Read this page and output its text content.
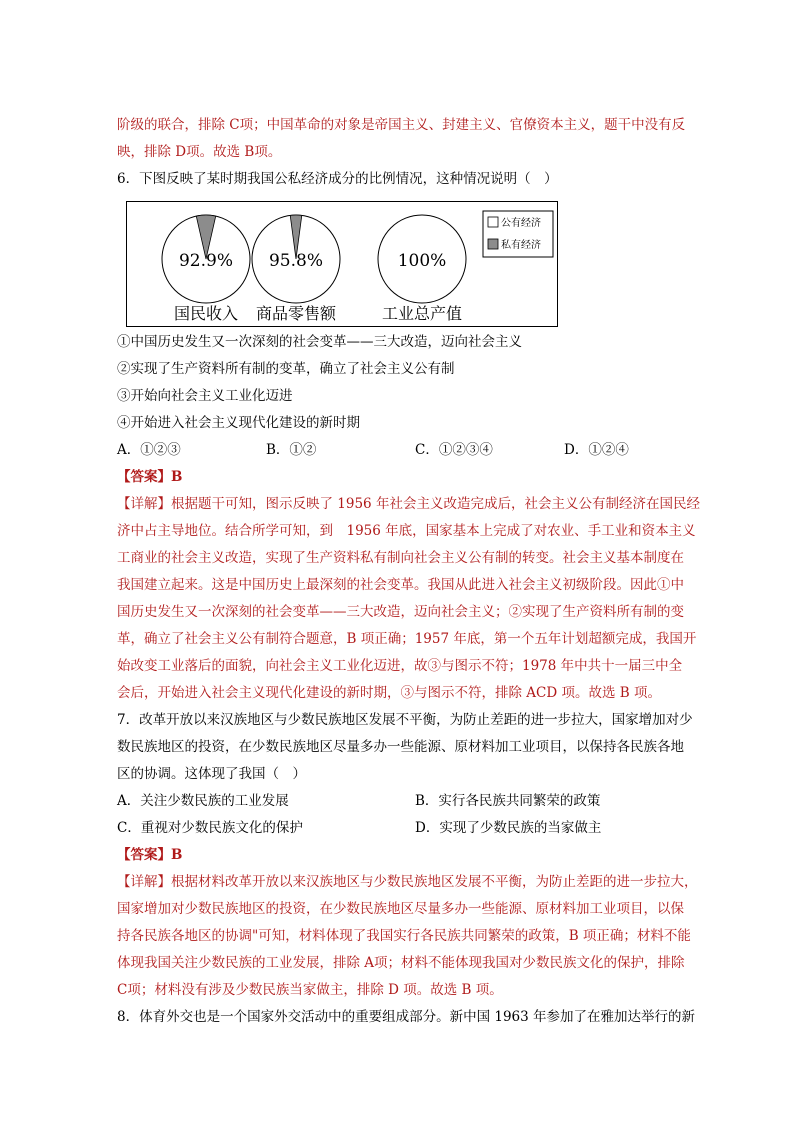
阶级的联合，排除 C项；中国革命的对象是帝国主义、封建主义、官僚资本主义，题干中没有反
映，排除 D项。故选 B项。
6．下图反映了某时期我国公私经济成分的比例情况，这种情况说明（　）
92.9%
国民收入
95.8%
商品零售额
100%
工业总产值
公有经济
私有经济
①中国历史发生又一次深刻的社会变革——三大改造，迈向社会主义
②实现了生产资料所有制的变革，确立了社会主义公有制
③开始向社会主义工业化迈进
④开始进入社会主义现代化建设的新时期
A．①②③	B．①②	C．①②③④	D．①②④
【答案】B
【详解】根据题干可知，图示反映了 1956 年社会主义改造完成后，社会主义公有制经济在国民经
济中占主导地位。结合所学可知，到　1956 年底，国家基本上完成了对农业、手工业和资本主义
工商业的社会主义改造，实现了生产资料私有制向社会主义公有制的转变。社会主义基本制度在
我国建立起来。这是中国历史上最深刻的社会变革。我国从此进入社会主义初级阶段。因此①中
国历史发生又一次深刻的社会变革——三大改造，迈向社会主义；②实现了生产资料所有制的变
革，确立了社会主义公有制符合题意，B 项正确；1957 年底，第一个五年计划超额完成，我国开
始改变工业落后的面貌，向社会主义工业化迈进，故③与图示不符；1978 年中共十一届三中全
会后，开始进入社会主义现代化建设的新时期，③与图示不符，排除 ACD 项。故选 B 项。
7．改革开放以来汉族地区与少数民族地区发展不平衡，为防止差距的进一步拉大，国家增加对少
数民族地区的投资，在少数民族地区尽量多办一些能源、原材料加工业项目，以保持各民族各地
区的协调。这体现了我国（　）
A．关注少数民族的工业发展	B．实行各民族共同繁荣的政策
C．重视对少数民族文化的保护	D．实现了少数民族的当家做主
【答案】B
【详解】根据材料改革开放以来汉族地区与少数民族地区发展不平衡，为防止差距的进一步拉大，
国家增加对少数民族地区的投资，在少数民族地区尽量多办一些能源、原材料加工业项目，以保
持各民族各地区的协调"可知，材料体现了我国实行各民族共同繁荣的政策，B 项正确；材料不能
体现我国关注少数民族的工业发展，排除 A项；材料不能体现我国对少数民族文化的保护，排除
C项；材料没有涉及少数民族当家做主，排除 D 项。故选 B 项。
8．体育外交也是一个国家外交活动中的重要组成部分。新中国 1963 年参加了在雅加达举行的新
